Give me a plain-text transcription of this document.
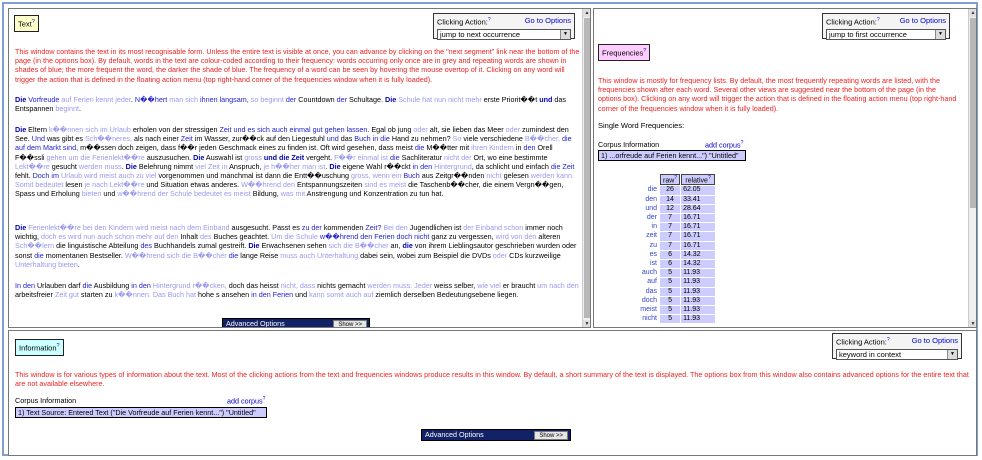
Text?	Clicking Action:?	Go to Options
jump to next occurrence	▼
This window contains the text in its most recognisable form. Unless the entire text is visible at once, you can advance by clicking on the "next segment" link near the bottom of the page (in the options box). By default, words in the text are colour-coded according to their frequency: words occurring only once are in grey and repeating words are shown in shades of blue; the more frequent the word, the darker the shade of blue. The frequency of a word can be seen by hovering the mouse overtop of it. Clicking on any word will trigger the action that is defined in the floating action menu (top right-hand corner of the frequencies window when it is fully loaded).
Die Vorfreude auf Ferien kennt jeder. N��hert man sich ihnen langsam, so beginnt der Countdown der Schultage. Die Schule hat nun nicht mehr erste Priorit��t und das Entspannen beginnt.
Die Eltern k��nnen sich im Urlaub erholen von der stressigen Zeit und es sich auch einmal gut gehen lassen. Egal ob jung oder alt, sie lieben das Meer oder zumindest den See. Und was gibt es Sch��neres, als nach einer Zeit im Wasser, zur��ck auf den Liegestuhl und das Buch in die Hand zu nehmen? So viele verschiedene B��cher, die auf dem Markt sind, m��ssen doch zeigen, dass f��r jeden Geschmack eines zu finden ist. Oft wird gesehen, dass meist die M��tter mit ihren Kindern in den Orell F��ssli gehen um die Ferienlekt��re auszusuchen. Die Auswahl ist gross und die Zeit vergeht. F��r einmal ist die Sachliteratur nicht der Ort, wo eine bestimmte Lekt��re gesucht werden muss. Die Belehrung nimmt viel Zeit in Anspruch, je h��her man ist. Die eigene Wahl r��ckt in den Hintergrund, da schlicht und einfach die Zeit fehlt. Doch im Urlaub wird meist auch zu viel vorgenommen und manchmal ist dann die Entt��uschung gross, wenn ein Buch aus Zeitgr��nden nicht gelesen werden kann. Somit bedeutet lesen je nach Lekt��re und Situation etwas anderes. W��hrend den Entspannungszeiten sind es meist die Taschenb��cher, die einem Vergn��gen, Spass und Erholung bieten und w��hrend der Schule bedeutet es meist Bildung, was mit Anstrengung und Konzentration zu tun hat.
Die Ferienlekt��re bei den Kindern wird meist nach dem Einband ausgesucht. Passt es zu der kommenden Zeit? Bei den Jugendlichen ist der Einband schon immer noch wichtig, doch es wird nun auch schon mehr auf den Inhalt des Buches geachtet. Um die Schule w��hrend den Ferien doch nicht ganz zu vergessen, wird von den alteren Sch��lern die linguistische Abteilung des Buchhandels zumal gestreift. Die Erwachsenen sehen sich die B��cher an, die von ihrem Lieblingsautor geschrieben wurden oder sonst die momentanen Bestseller. W��hrend sich die B��cher die lange Reise muss auch Unterhaltung dabei sein, wobei zum Beispiel die DVDs oder CDs kurzweilige Unterhaltung bieten.
In den Urlauben darf die Ausbildung in den Hintergrund r��cken, doch das heisst nicht, dass nichts gemacht werden muss. Jeder weiss selber, wie viel er braucht um nach den arbeitsfreier Zeit gut starten zu k��nnen. Das Buch hat hohe s ansehen in den Ferien und kann somit auch auf ziemlich derselben Bedeutungsebene liegen.
Advanced Options	Show >>
▲
▼
Clicking Action:?	Go to Options
jump to first occurrence	▼
Frequencies?
This window is mostly for frequency lists. By default, the most frequently repeating words are listed, with the frequencies shown after each word. Several other views are suggested near the bottom of the page (in the options box). Clicking on any word will trigger the action that is defined in the floating action menu (top right-hand corner of the frequencies window when it is fully loaded).
Single Word Frequencies:
Corpus Information	add corpus?
1) ...orfreude auf Ferien kennt...") "Untitled"
	raw?	relative?
die	26	62.05
den	14	33.41
und	12	28.64
der	7	16.71
in	7	16.71
zeit	7	16.71
zu	7	16.71
es	6	14.32
ist	6	14.32
auch	5	11.93
auf	5	11.93
das	5	11.93
doch	5	11.93
meist	5	11.93
nicht	5	11.93
▲
▼
Information?	Clicking Action:?	Go to Options
keyword in context	▼
This window is for various types of information about the text. Most of the clicking actions from the text and frequencies windows produce results in this window. By default, a short summary of the text is displayed. The options box from this window also contains advanced options for the entire text that are not available elsewhere.
Corpus Information	add corpus?
1) Text Source: Entered Text ("Die Vorfreude auf Ferien kennt...") "Untitled"
Advanced Options	Show >>
